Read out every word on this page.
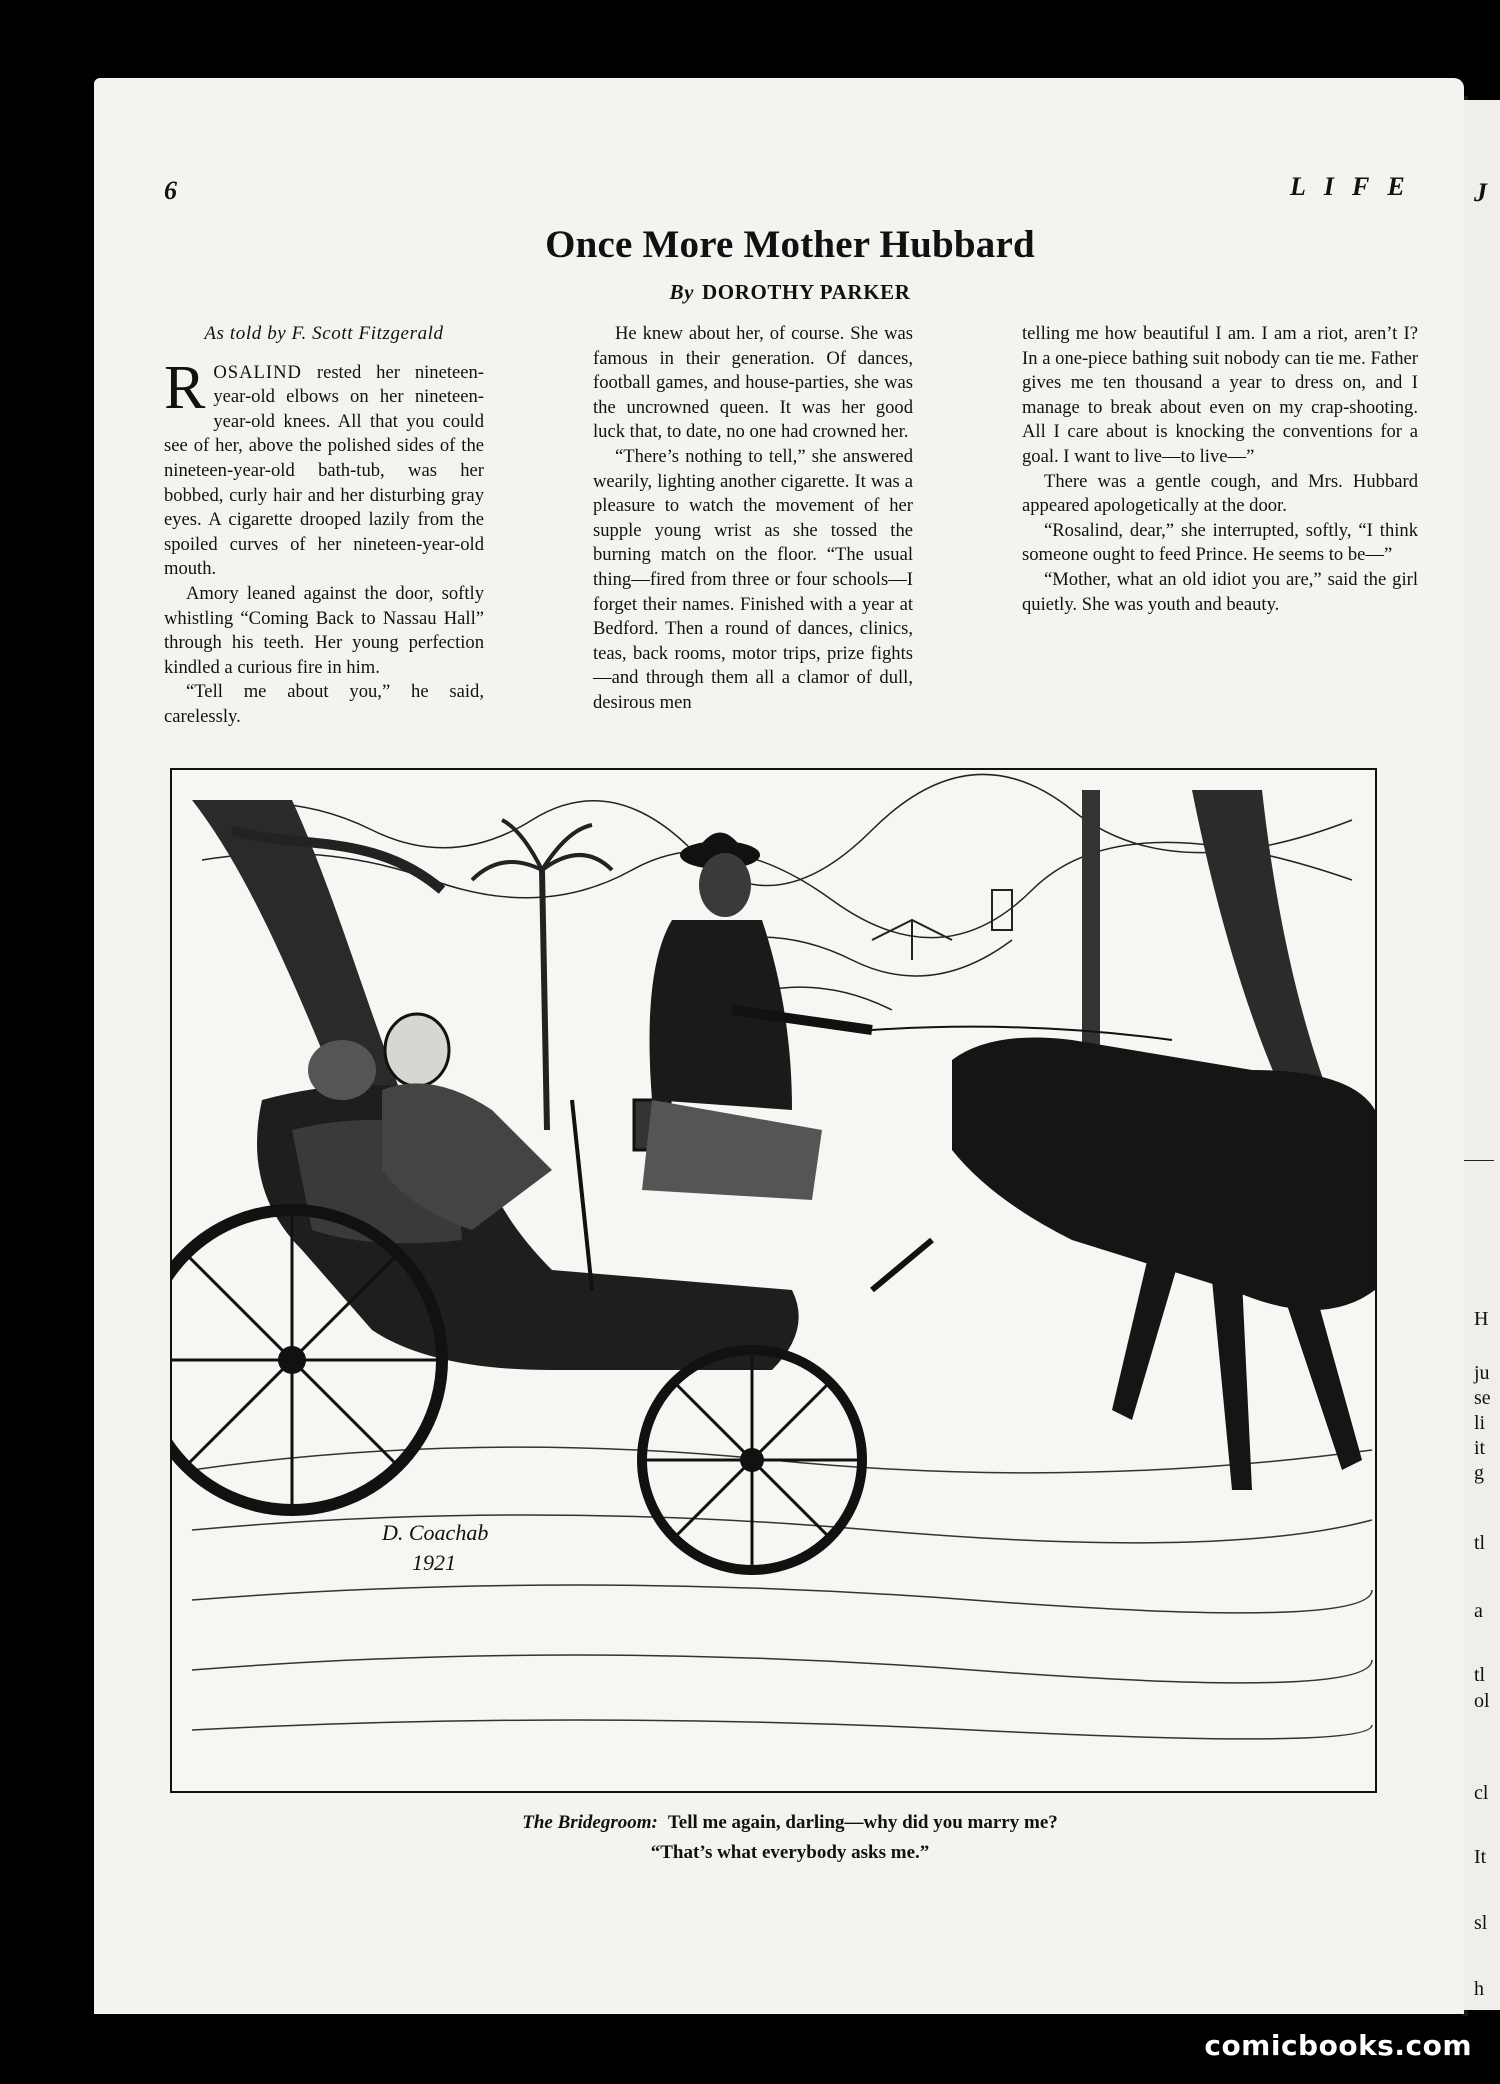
J
H
ju
se
li
it
g
tl
a
tl
ol
cl
It
sl
h
6	LIFE
Once More Mother Hubbard
By DOROTHY PARKER
As told by F. Scott Fitzgerald

ROSALIND rested her nineteen-year-old elbows on her nineteen-year-old knees. All that you could see of her, above the polished sides of the nineteen-year-old bath-tub, was her bobbed, curly hair and her disturbing gray eyes. A cigarette drooped lazily from the spoiled curves of her nineteen-year-old mouth.

Amory leaned against the door, softly whistling “Coming Back to Nassau Hall” through his teeth. Her young perfection kindled a curious fire in him.

“Tell me about you,” he said, carelessly.

He knew about her, of course. She was famous in their generation. Of dances, football games, and house-parties, she was the uncrowned queen. It was her good luck that, to date, no one had crowned her.

“There’s nothing to tell,” she answered wearily, lighting another cigarette. It was a pleasure to watch the movement of her supple young wrist as she tossed the burning match on the floor. “The usual thing—fired from three or four schools—I forget their names. Finished with a year at Bedford. Then a round of dances, clinics, teas, back rooms, motor trips, prize fights—and through them all a clamor of dull, desirous men

telling me how beautiful I am. I am a riot, aren’t I? In a one-piece bathing suit nobody can tie me. Father gives me ten thousand a year to dress on, and I manage to break about even on my crap-shooting. All I care about is knocking the conventions for a goal. I want to live—to live—”

There was a gentle cough, and Mrs. Hubbard appeared apologetically at the door.

“Rosalind, dear,” she interrupted, softly, “I think someone ought to feed Prince. He seems to be—”

“Mother, what an old idiot you are,” said the girl quietly. She was youth and beauty.

D. Coachab
1921
The Bridegroom: Tell me again, darling—why did you marry me?
“That’s what everybody asks me.”
comicbooks.com
